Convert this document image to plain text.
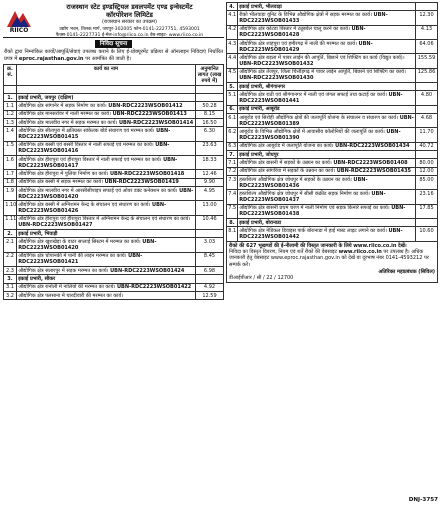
RIICO
राजस्थान स्टेट इण्डस्ट्रियल डवलपमेंट एण्ड इन्वेस्टमेंट
कॉरपोरेशन लिमिटेड
(राजस्थान सरकार का उपक्रम)
उद्योग भवन, तिलक मार्ग, जयपुर-302005 फोन-0141-2227751, 4593001
फैक्स-0141-2227731 ई-मेल-info@riico.co.in वेब-साइट- www.riico.co.in
निविदा सूचना
रीको द्वारा निम्नांकित कार्यों/आपूर्ति/सेवाएं उपलब्ध कराने के लिए ई-प्रोक्यूरमेंट प्रक्रिया से ऑनलाइन निविदाएं निर्धारित प्रपत्र में eproc.rajasthan.gov.in पर आमंत्रित की जाती है।
क्र. सं.	कार्य का नाम	अनुमानित लागत (लाख रुपये में)

1.	इकाई प्रभारी, जयपुर (दक्षिण)	
1.1	औद्योगिक क्षेत्र सांगानेर में सड़क निर्माण का कार्य। UBN-RDC2223WSOB01412	50.28
1.2	औद्योगिक क्षेत्र मानसरोवर में नाली मरम्मत का कार्य। UBN-RDC2223WSOB01413	8.15
1.3	औद्योगिक क्षेत्र मालवीय नगर में सड़क मरम्मत का कार्य। UBN-RDC2223WSOB01414	16.50
1.4	औद्योगिक क्षेत्र सीतापुरा में क्षतिग्रस्त सांकेतक बोर्ड संधारण एवं मरम्मत कार्य। UBN-RDC2223WSOB01415	6.30
1.5	औद्योगिक क्षेत्र बस्सी एवं बस्सी विस्तार में नाली सफाई एवं मरम्मत का कार्य। UBN-RDC2223WSOB01416	23.63
1.6	औद्योगिक क्षेत्र हीरापुरा एवं हीरापुरा विस्तार में नाली सफाई एवं मरम्मत का कार्य। UBN-RDC2223WSOB01417	18.33
1.7	औद्योगिक क्षेत्र हीरापुरा में पुलिया निर्माण का कार्य। UBN-RDC2223WSOB01418	12.46
1.8	औद्योगिक क्षेत्र बस्सी में सड़क मरम्मत का कार्य। UBN-RDC2223WSOB01419	9.90
1.9	औद्योगिक क्षेत्र मालवीय नगर में आरसीसीपाइप सफाई एवं ओवर डक्ट कनेक्शन का कार्य। UBN-RDC2223WSOB01420	4.95
1.10	औद्योगिक क्षेत्र बस्सी में अग्निशमन केन्द्र के संचालन एवं संधारण का कार्य। UBN-RDC2223WSOB01426	13.00
1.11	औद्योगिक क्षेत्र हीरापुरा एवं हीरापुरा विस्तार में अग्निशमन केन्द्र के संचालन एवं संधारण का कार्य। UBN-RDC2223WSOB01427	10.46
2.	इकाई प्रभारी, भिवाड़ी	
2.1	औद्योगिक क्षेत्र खुशखेड़ा के वाटर सप्लाई सिस्टम में मरम्मत का कार्य। UBN-RDC2223WSOB01420	3.03
2.2	औद्योगिक क्षेत्र चोपानकी में पानी की लाइन मरम्मत का कार्य। UBN-RDC2223WSOB01421	8.45
2.3	औद्योगिक क्षेत्र सलारपुर में सड़क मरम्मत का कार्य। UBN-RDC2223WSOB01424	6.98
3.	इकाई प्रभारी, सीकर	
3.1	औद्योगिक क्षेत्र रानोली में नालियों की मरम्मत का कार्य। UBN-RDC2223WSOB01422	4.92
3.2	औद्योगिक क्षेत्र पलसाना में चारदीवारी की मरम्मत का कार्य।	12.59
4.	इकाई प्रभारी, भीलवाड़ा	
4.1	रीको भीलवाड़ा यूनिट के विभिन्न औद्योगिक क्षेत्रों में सड़क मरम्मत का कार्य। UBN-RDC2223WSOB01433	12.30
4.2	औद्योगिक क्षेत्र कोटडा विस्तार में ट्यूबवेल चालू करने का कार्य। UBN-RDC2223WSOB01428	4.13
4.3	औद्योगिक क्षेत्र शाहपुरा एवं हमीरगढ़ में नाली की मरम्मत का कार्य। UBN-RDC2223WSOB01429	64.06
4.4	औद्योगिक क्षेत्र बड़ला में पावर लाईन की आपूर्ति, बिछाने एवं शिफ्टिंग का कार्य (विद्युत कार्य)। UBN-RDC2223WSOB01432	155.59
4.5	औद्योगिक क्षेत्र तेजपुर, जिला चित्तौड़गढ़ में पावर लाईन आपूर्ति, बिछाने एवं शिफ्टिंग का कार्य। UBN-RDC2223WSOB01430	125.86
5.	इकाई प्रभारी, श्रीगंगानगर	
5.1	औद्योगिक क्षेत्र राठी एवं श्रीगंगानगर में नाली एवं जंगल सफाई तथा कटाई का कार्य। UBN-RDC2223WSOB01441	4.80
6.	इकाई प्रभारी, आबूरोड	
6.1	आबूरोड एवं सिरोही औद्योगिक क्षेत्रों की जलापूर्ति योजना के संचालन व संधारण का कार्य। UBN-RDC2223WSOB01389	4.68
6.2	आबूरोड के विभिन्न औद्योगिक क्षेत्रों में आवासीय कॉलोनियों की जलापूर्ति का कार्य। UBN-RDC2223WSOB01390	11.70
6.3	औद्योगिक क्षेत्र आबूरोड में जलापूर्ति योजना का कार्य। UBN-RDC2223WSOB01434	40.72
7.	इकाई प्रभारी, जोधपुर	
7.1	औद्योगिक क्षेत्र बासनी में सड़कों के उन्नयन का कार्य। UBN-RDC2223WSOB01408	80.00
7.2	औद्योगिक क्षेत्र सांगरिया में सड़कों के उन्नयन का कार्य। UBN-RDC2223WSOB01435	12.00
7.3	हस्तशिल्प औद्योगिक क्षेत्र जोधपुर में सड़कों के उन्नयन का कार्य। UBN-RDC2223WSOB01436	85.00
7.4	हस्तशिल्प औद्योगिक क्षेत्र जोधपुर में सीसी कंक्रीट सड़क निर्माण का कार्य। UBN-RDC2223WSOB01437	23.16
7.5	औद्योगिक क्षेत्र बासनी प्रथम चरण में नाली निर्माण एवं सड़क किनारे सफाई का कार्य। UBN-RDC2223WSOB01438	17.85
8.	इकाई प्रभारी, बोरानाडा	
8.1	औद्योगिक क्षेत्र मेडिकल डिवाइस पार्क बोरानाडा में हाई मास्ट लाइट लगाने का कार्य। UBN-RDC2223WSOB01442	10.60
रीको की 627 भूखण्डों की ई-नीलामी की विस्तृत जानकारी के लिये www.riico.co.in देखें।
निविदा का विस्तृत विवरण, नियम एवं शर्तें रीको की वेबसाइट www.riico.co.in पर उपलब्ध है। अधिक जानकारी हेतु वेबसाइट www.eproc.rajasthan.gov.in को देखें या दूरभाष नंबर 0141-4593212 पर सम्पर्क करें।
अतिरिक्त महाप्रबंधक (सिविल)
डीआईपीआर / सी / 22 / 12700
DNJ-3757
